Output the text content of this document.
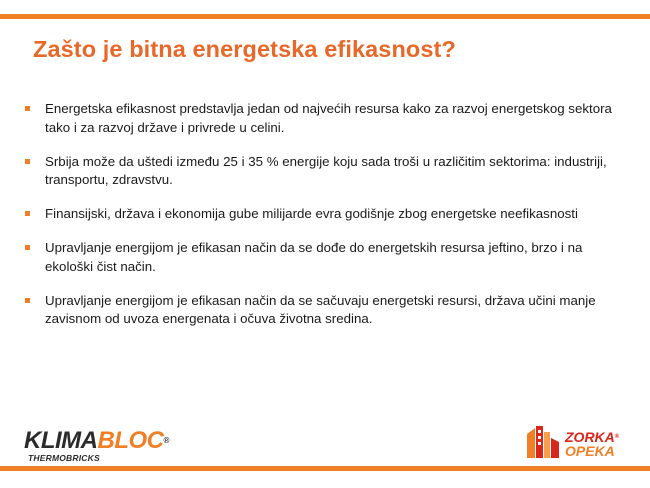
Zašto je bitna energetska efikasnost?
Energetska efikasnost predstavlja jedan od najvećih resursa kako za razvoj energetskog sektora tako i za razvoj države i privrede u celini.
Srbija može da uštedi između 25 i 35 % energije koju sada troši u različitim sektorima: industriji, transportu, zdravstvu.
Finansijski, država i ekonomija gube milijarde evra godišnje zbog energetske neefikasnosti
Upravljanje energijom je efikasan način da se dođe do energetskih resursa jeftino, brzo i na ekološki čist način.
Upravljanje energijom je efikasan način da se sačuvaju energetski resursi, država učini manje zavisnom od uvoza energenata i očuva životna sredina.
KLIMABLOC®
THERMOBRICKS
ZORKA®
OPEKA
